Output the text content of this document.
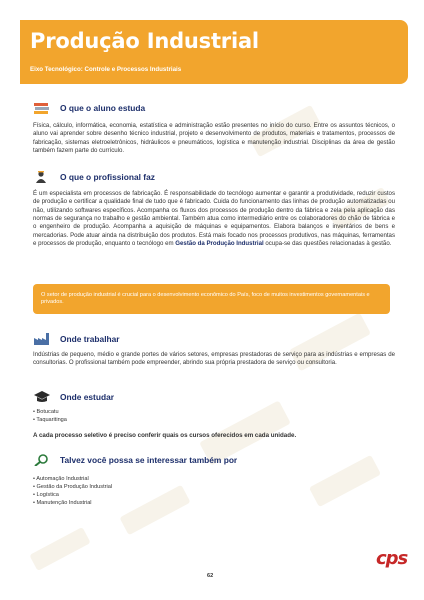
Produção Industrial
Eixo Tecnológico: Controle e Processos Industriais
O que o aluno estuda

Física, cálculo, informática, economia, estatística e administração estão presentes no início do curso. Entre os assuntos técnicos, o aluno vai aprender sobre desenho técnico industrial, projeto e desenvolvimento de produtos, materiais e tratamentos, processos de fabricação, sistemas eletroeletrônicos, hidráulicos e pneumáticos, logística e manutenção industrial. Disciplinas da área de gestão também fazem parte do currículo.

O que o profissional faz

É um especialista em processos de fabricação. É responsabilidade do tecnólogo aumentar e garantir a produtividade, reduzir custos de produção e certificar a qualidade final de tudo que é fabricado. Cuida do funcionamento das linhas de produção automatizadas ou não, utilizando softwares específicos. Acompanha os fluxos dos processos de produção dentro da fábrica e zela pela aplicação das normas de segurança no trabalho e gestão ambiental. Também atua como intermediário entre os colaboradores do chão de fábrica e o engenheiro de produção. Acompanha a aquisição de máquinas e equipamentos. Elabora balanços e inventários de bens e mercadorias. Pode atuar ainda na distribuição dos produtos. Está mais focado nos processos produtivos, nas máquinas, ferramentas e processos de produção, enquanto o tecnólogo em Gestão da Produção Industrial ocupa-se das questões relacionadas à gestão.

O setor de produção industrial é crucial para o desenvolvimento econômico do País, foco de muitos investimentos governamentais e privados.

Onde trabalhar

Indústrias de pequeno, médio e grande portes de vários setores, empresas prestadoras de serviço para as indústrias e empresas de consultorias. O profissional também pode empreender, abrindo sua própria prestadora de serviço ou consultoria.

Onde estudar
• Botucatu
• Taquaritinga
A cada processo seletivo é preciso conferir quais os cursos oferecidos em cada unidade.
Talvez você possa se interessar também por
• Automação Industrial
• Gestão da Produção Industrial
• Logística
• Manutenção Industrial
62
cps
